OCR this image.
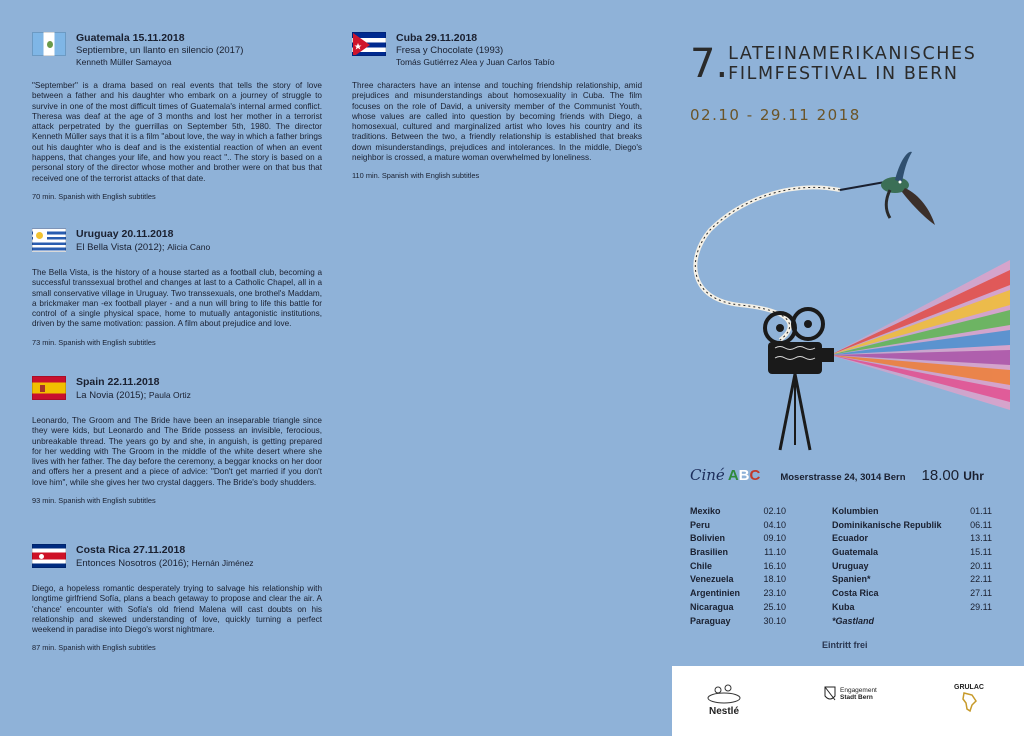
Guatemala 15.11.2018
Septiembre, un llanto en silencio (2017)
Kenneth Müller Samayoa
"September" is a drama based on real events that tells the story of love between a father and his daughter who embark on a journey of struggle to survive in one of the most difficult times of Guatemala's internal armed conflict. Theresa was deaf at the age of 3 months and lost her mother in a terrorist attack perpetrated by the guerrillas on September 5th, 1980. The director Kenneth Müller says that it is a film "about love, the way in which a father brings out his daughter who is deaf and is the existential reaction of when an event happens, that changes your life, and how you react ".. The story is based on a personal story of the director whose mother and brother were on that bus that received one of the terrorist attacks of that date.
70 min. Spanish with English subtitles
Uruguay 20.11.2018
El Bella Vista (2012); Alicia Cano
The Bella Vista, is the history of a house started as a football club, becoming a successful transsexual brothel and changes at last to a Catholic Chapel, all in a small conservative village in Uruguay. Two transsexuals, one brothel's Maddam, a brickmaker man -ex football player - and a nun will bring to life this battle for control of a single physical space, home to mutually antagonistic institutions, driven by the same motivation: passion. A film about prejudice and love.
73 min. Spanish with English subtitles
Spain 22.11.2018
La Novia (2015); Paula Ortiz
Leonardo, The Groom and The Bride have been an inseparable triangle since they were kids, but Leonardo and The Bride possess an invisible, ferocious, unbreakable thread. The years go by and she, in anguish, is getting prepared for her wedding with The Groom in the middle of the white desert where she lives with her father. The day before the ceremony, a beggar knocks on her door and offers her a present and a piece of advice: "Don't get married if you don't love him", while she gives her two crystal daggers. The Bride's body shudders.
93 min. Spanish with English subtitles
Costa Rica 27.11.2018
Entonces Nosotros (2016); Hernán Jiménez
Diego, a hopeless romantic desperately trying to salvage his relationship with longtime girlfriend Sofía, plans a beach getaway to propose and clear the air. A 'chance' encounter with Sofía's old friend Malena will cast doubts on his relationship and skewed understanding of love, quickly turning a perfect weekend in paradise into Diego's worst nightmare.
87 min. Spanish with English subtitles
Cuba 29.11.2018
Fresa y Chocolate (1993)
Tomás Gutiérrez Alea y Juan Carlos Tabío
Three characters have an intense and touching friendship relationship, amid prejudices and misunderstandings about homosexuality in Cuba. The film focuses on the role of David, a university member of the Communist Youth, whose values are called into question by becoming friends with Diego, a homosexual, cultured and marginalized artist who loves his country and its traditions. Between the two, a friendly relationship is established that breaks down misunderstandings, prejudices and intolerances. In the middle, Diego's neighbor is crossed, a mature woman overwhelmed by loneliness.
110 min. Spanish with English subtitles
7. LATEINAMERIKANISCHES
FILMFESTIVAL IN BERN
02.10 - 29.11 2018
Ciné ABC Moserstrasse 24, 3014 Bern 18.00 Uhr
Mexiko	02.10
Peru	04.10
Bolivien	09.10
Brasilien	11.10
Chile	16.10
Venezuela	18.10
Argentinien	23.10
Nicaragua	25.10
Paraguay	30.10
Kolumbien	01.11
Dominikanische Republik	06.11
Ecuador	13.11
Guatemala	15.11
Uruguay	20.11
Spanien*	22.11
Costa Rica	27.11
Kuba	29.11
*Gastland
Eintritt frei
Nestlé
Engagement
Stadt Bern
GRULAC
